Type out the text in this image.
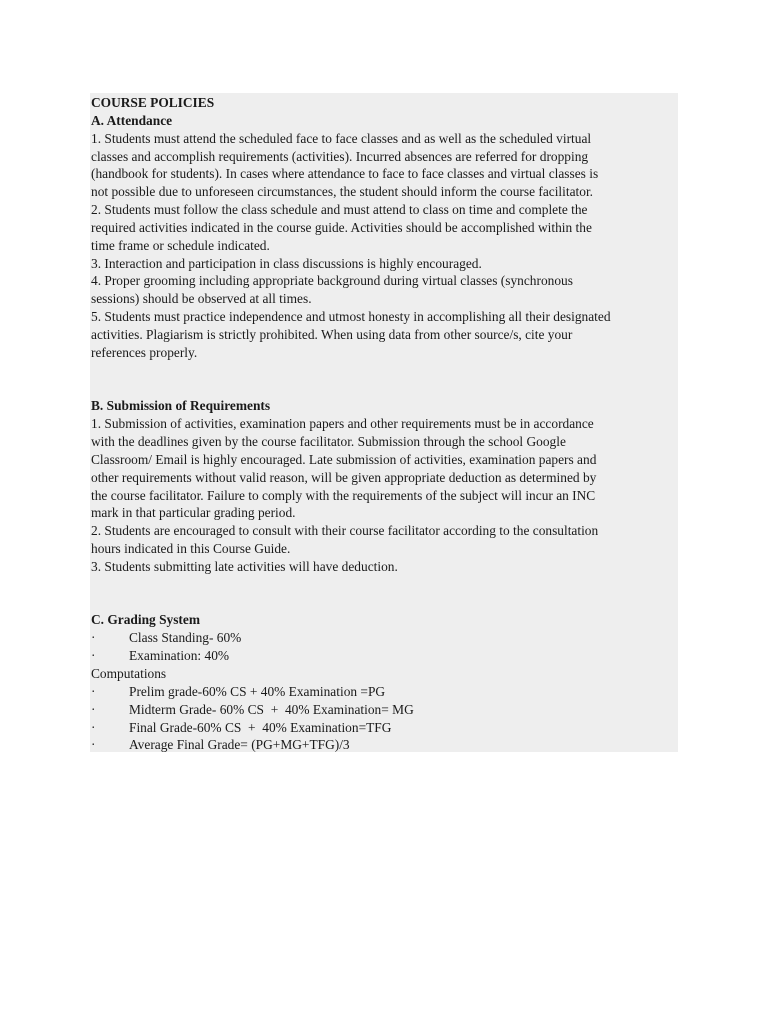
COURSE POLICIES
A. Attendance
1. Students must attend the scheduled face to face classes and as well as the scheduled virtual
classes and accomplish requirements (activities). Incurred absences are referred for dropping
(handbook for students). In cases where attendance to face to face classes and virtual classes is
not possible due to unforeseen circumstances, the student should inform the course facilitator.
2. Students must follow the class schedule and must attend to class on time and complete the
required activities indicated in the course guide. Activities should be accomplished within the
time frame or schedule indicated.
3. Interaction and participation in class discussions is highly encouraged.
4. Proper grooming including appropriate background during virtual classes (synchronous
sessions) should be observed at all times.
5. Students must practice independence and utmost honesty in accomplishing all their designated
activities. Plagiarism is strictly prohibited. When using data from other source/s, cite your
references properly.
B. Submission of Requirements
1. Submission of activities, examination papers and other requirements must be in accordance
with the deadlines given by the course facilitator. Submission through the school Google
Classroom/ Email is highly encouraged. Late submission of activities, examination papers and
other requirements without valid reason, will be given appropriate deduction as determined by
the course facilitator. Failure to comply with the requirements of the subject will incur an INC
mark in that particular grading period.
2. Students are encouraged to consult with their course facilitator according to the consultation
hours indicated in this Course Guide.
3. Students submitting late activities will have deduction.
C. Grading System
·	Class Standing- 60%
·	Examination: 40%
Computations
·	Prelim grade-60% CS + 40% Examination =PG
·	Midterm Grade- 60% CS  +  40% Examination= MG
·	Final Grade-60% CS  +  40% Examination=TFG
·	Average Final Grade= (PG+MG+TFG)/3
